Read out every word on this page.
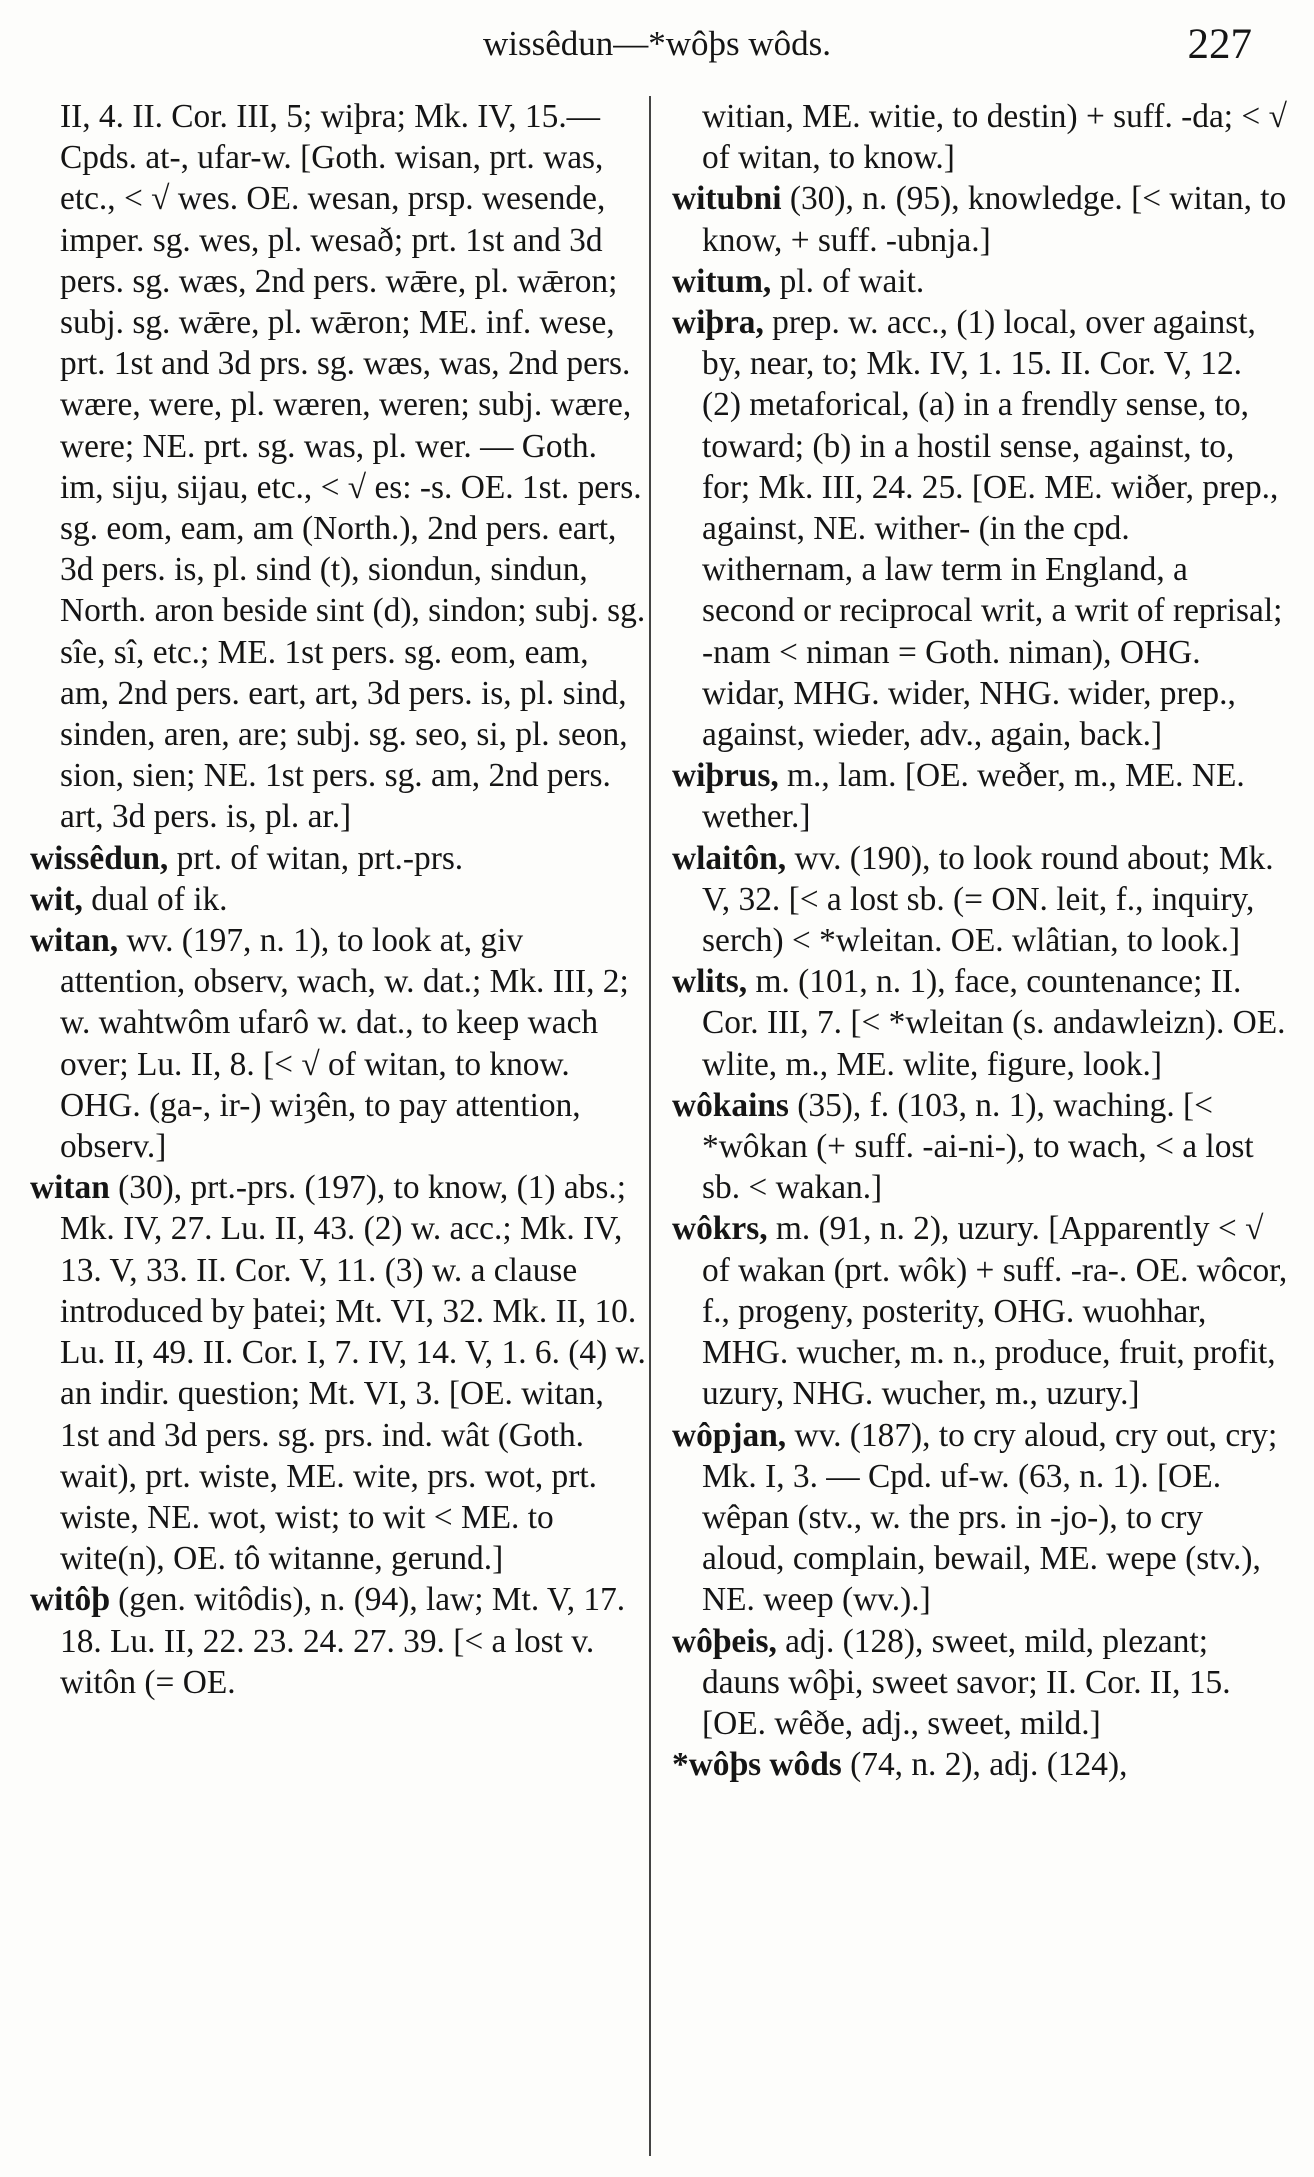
wissêdun—*wôþs wôds.	227
II, 4. II. Cor. III, 5; wiþra; Mk. IV, 15.—Cpds. at-, ufar-w. [Goth. wisan, prt. was, etc., < √ wes. OE. wesan, prsp. wesende, imper. sg. wes, pl. wesað; prt. 1st and 3d pers. sg. wæs, 2nd pers. wǣre, pl. wǣron; subj. sg. wǣre, pl. wǣron; ME. inf. wese, prt. 1st and 3d prs. sg. wæs, was, 2nd pers. wære, were, pl. wæren, weren; subj. wære, were; NE. prt. sg. was, pl. wer. — Goth. im, siju, sijau, etc., < √ es: -s. OE. 1st. pers. sg. eom, eam, am (North.), 2nd pers. eart, 3d pers. is, pl. sind (t), siondun, sindun, North. aron beside sint (d), sindon; subj. sg. sîe, sî, etc.; ME. 1st pers. sg. eom, eam, am, 2nd pers. eart, art, 3d pers. is, pl. sind, sinden, aren, are; subj. sg. seo, si, pl. seon, sion, sien; NE. 1st pers. sg. am, 2nd pers. art, 3d pers. is, pl. ar.]
wissêdun, prt. of witan, prt.-prs.
wit, dual of ik.
witan, wv. (197, n. 1), to look at, giv attention, observ, wach, w. dat.; Mk. III, 2; w. wahtwôm ufarô w. dat., to keep wach over; Lu. II, 8. [< √ of witan, to know. OHG. (ga-, ir-) wiȝên, to pay attention, observ.]
witan (30), prt.-prs. (197), to know, (1) abs.; Mk. IV, 27. Lu. II, 43. (2) w. acc.; Mk. IV, 13. V, 33. II. Cor. V, 11. (3) w. a clause introduced by þatei; Mt. VI, 32. Mk. II, 10. Lu. II, 49. II. Cor. I, 7. IV, 14. V, 1. 6. (4) w. an indir. question; Mt. VI, 3. [OE. witan, 1st and 3d pers. sg. prs. ind. wât (Goth. wait), prt. wiste, ME. wite, prs. wot, prt. wiste, NE. wot, wist; to wit < ME. to wite(n), OE. tô witanne, gerund.]
witôþ (gen. witôdis), n. (94), law; Mt. V, 17. 18. Lu. II, 22. 23. 24. 27. 39. [< a lost v. witôn (= OE.
witian, ME. witie, to destin) + suff. -da; < √ of witan, to know.]
witubni (30), n. (95), knowledge. [< witan, to know, + suff. -ubnja.]
witum, pl. of wait.
wiþra, prep. w. acc., (1) local, over against, by, near, to; Mk. IV, 1. 15. II. Cor. V, 12. (2) metaforical, (a) in a frendly sense, to, toward; (b) in a hostil sense, against, to, for; Mk. III, 24. 25. [OE. ME. wiðer, prep., against, NE. wither- (in the cpd. withernam, a law term in England, a second or reciprocal writ, a writ of reprisal; -nam < niman = Goth. niman), OHG. widar, MHG. wider, NHG. wider, prep., against, wieder, adv., again, back.]
wiþrus, m., lam. [OE. weðer, m., ME. NE. wether.]
wlaitôn, wv. (190), to look round about; Mk. V, 32. [< a lost sb. (= ON. leit, f., inquiry, serch) < *wleitan. OE. wlâtian, to look.]
wlits, m. (101, n. 1), face, countenance; II. Cor. III, 7. [< *wleitan (s. andawleizn). OE. wlite, m., ME. wlite, figure, look.]
wôkains (35), f. (103, n. 1), waching. [< *wôkan (+ suff. -ai-ni-), to wach, < a lost sb. < wakan.]
wôkrs, m. (91, n. 2), uzury. [Apparently < √ of wakan (prt. wôk) + suff. -ra-. OE. wôcor, f., progeny, posterity, OHG. wuohhar, MHG. wucher, m. n., produce, fruit, profit, uzury, NHG. wucher, m., uzury.]
wôpjan, wv. (187), to cry aloud, cry out, cry; Mk. I, 3. — Cpd. uf-w. (63, n. 1). [OE. wêpan (stv., w. the prs. in -jo-), to cry aloud, complain, bewail, ME. wepe (stv.), NE. weep (wv.).]
wôþeis, adj. (128), sweet, mild, plezant; dauns wôþi, sweet savor; II. Cor. II, 15. [OE. wêðe, adj., sweet, mild.]
*wôþs wôds (74, n. 2), adj. (124),
